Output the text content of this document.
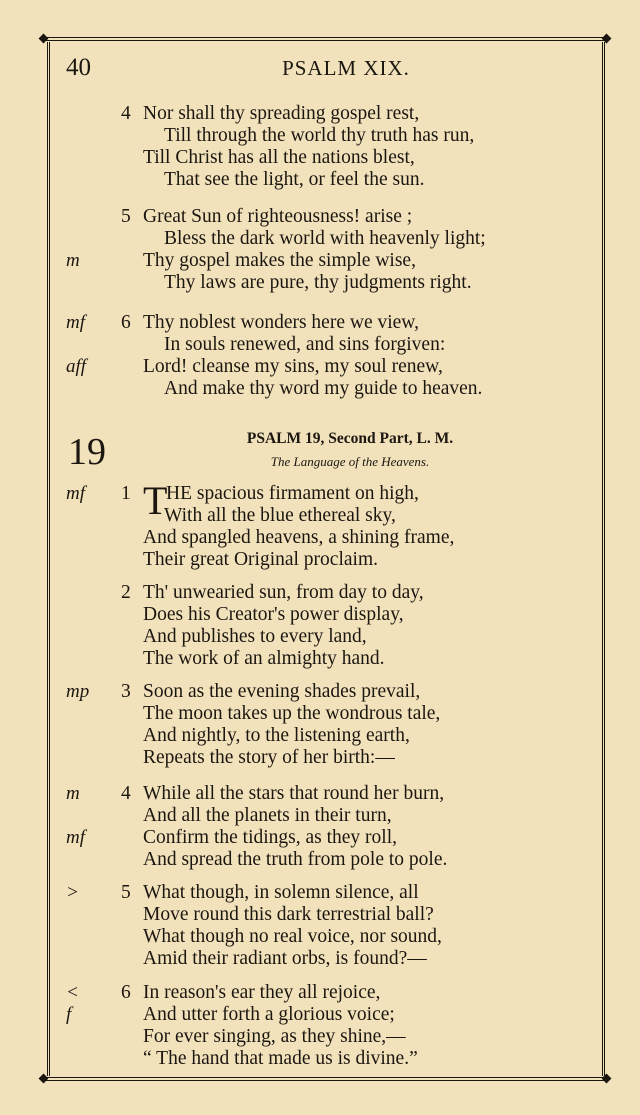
40	PSALM XIX.
4 Nor shall thy spreading gospel rest,
Till through the world thy truth has run,
Till Christ has all the nations blest,
That see the light, or feel the sun.
5 Great Sun of righteousness! arise ;
Bless the dark world with heavenly light;
Thy gospel makes the simple wise,
m
Thy laws are pure, thy judgments right.
6 Thy noblest wonders here we view,
mf
In souls renewed, and sins forgiven:
Lord! cleanse my sins, my soul renew,
aff
And make thy word my guide to heaven.
With all the blue ethereal sky,
And spangled heavens, a shining frame,
Their great Original proclaim.
2 Th' unwearied sun, from day to day,
Does his Creator's power display,
And publishes to every land,
The work of an almighty hand.
3 Soon as the evening shades prevail,
mp
The moon takes up the wondrous tale,
And nightly, to the listening earth,
Repeats the story of her birth:—
4 While all the stars that round her burn,
m
And all the planets in their turn,
Confirm the tidings, as they roll,
mf
And spread the truth from pole to pole.
5 What though, in solemn silence, all
>
Move round this dark terrestrial ball?
What though no real voice, nor sound,
Amid their radiant orbs, is found?—
6 In reason's ear they all rejoice,
<
And utter forth a glorious voice;
f
For ever singing, as they shine,—
“ The hand that made us is divine.”
19	PSALM 19, Second Part, L. M.
The Language of the Heavens.
mf 1 T
HE spacious firmament on high,
